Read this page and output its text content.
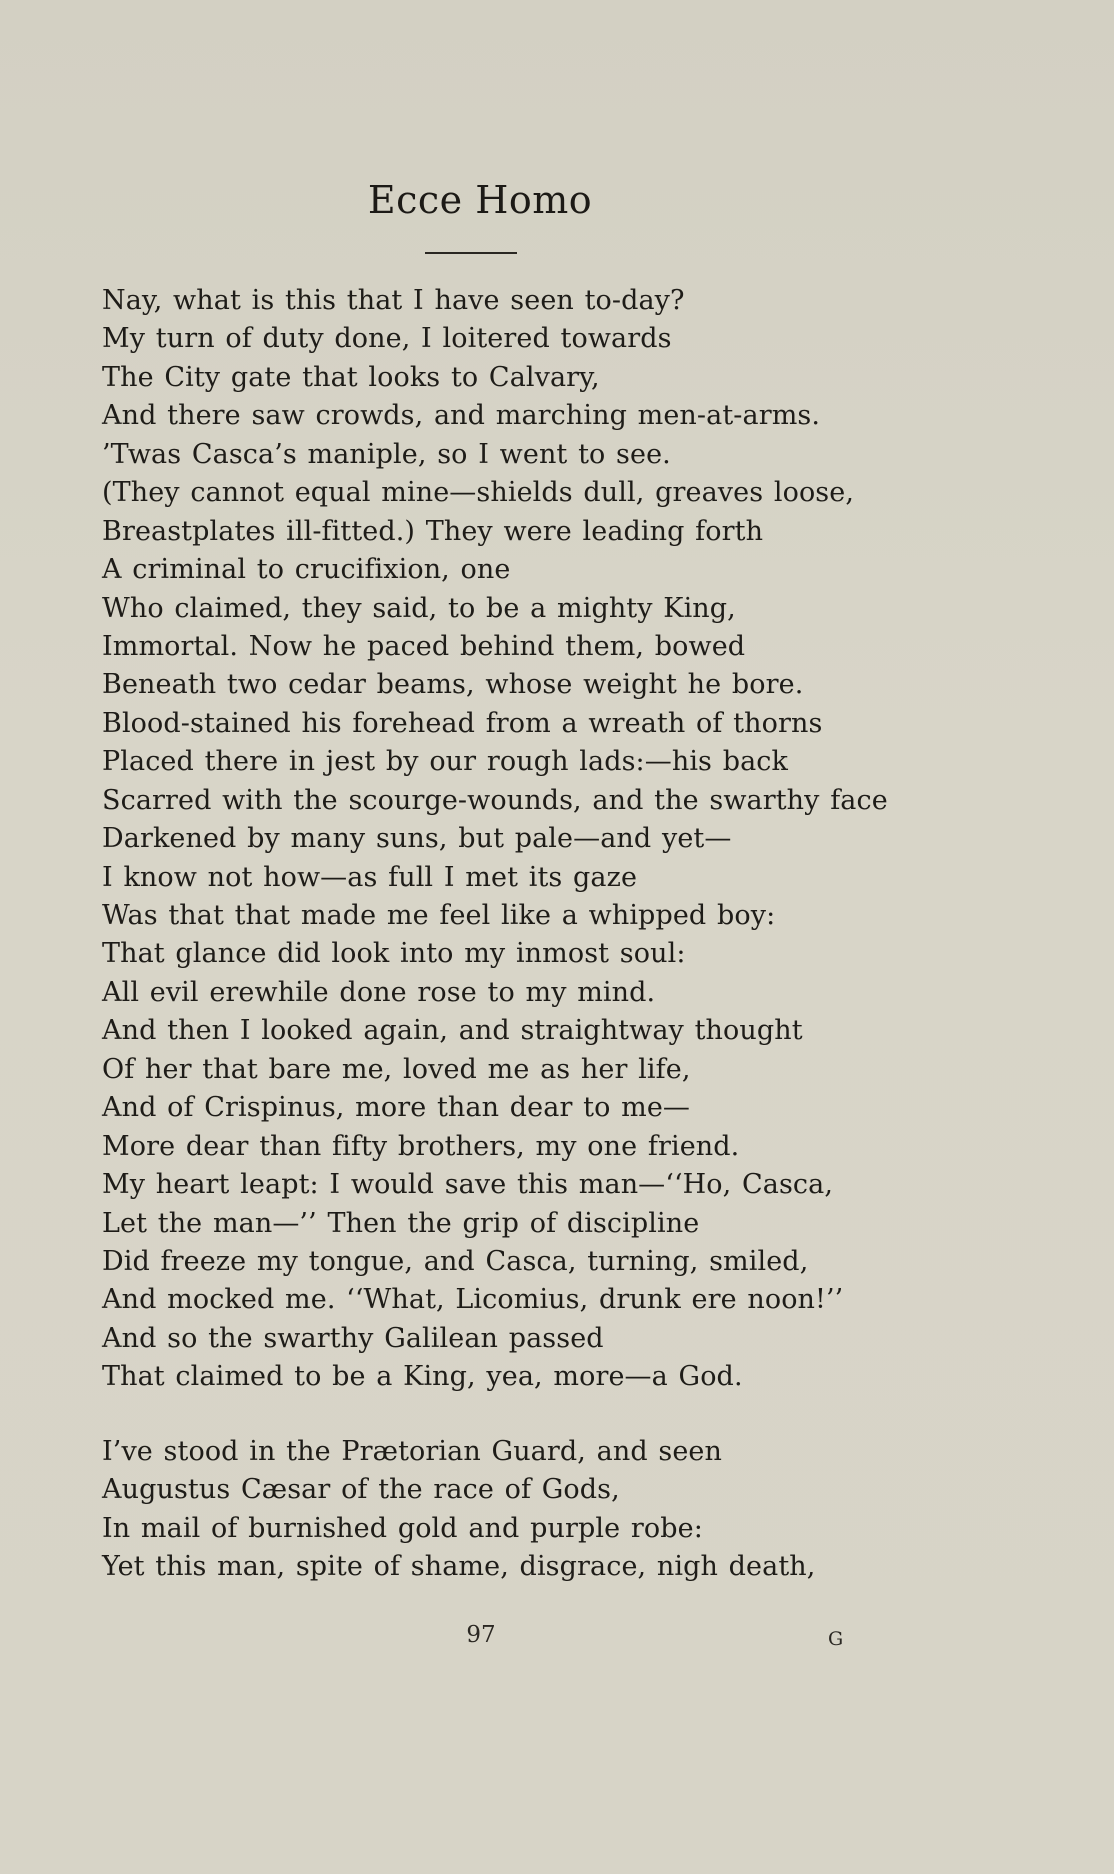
Ecce Homo
Nay, what is this that I have seen to-day?
My turn of duty done, I loitered towards
The City gate that looks to Calvary,
And there saw crowds, and marching men-at-arms.
’Twas Casca’s maniple, so I went to see.
(They cannot equal mine—shields dull, greaves loose,
Breastplates ill-fitted.) They were leading forth
A criminal to crucifixion, one
Who claimed, they said, to be a mighty King,
Immortal. Now he paced behind them, bowed
Beneath two cedar beams, whose weight he bore.
Blood-stained his forehead from a wreath of thorns
Placed there in jest by our rough lads:—his back
Scarred with the scourge-wounds, and the swarthy face
Darkened by many suns, but pale—and yet—
I know not how—as full I met its gaze
Was that that made me feel like a whipped boy:
That glance did look into my inmost soul:
All evil erewhile done rose to my mind.
And then I looked again, and straightway thought
Of her that bare me, loved me as her life,
And of Crispinus, more than dear to me—
More dear than fifty brothers, my one friend.
My heart leapt: I would save this man—‘‘Ho, Casca,
Let the man—’’ Then the grip of discipline
Did freeze my tongue, and Casca, turning, smiled,
And mocked me. ‘‘What, Licomius, drunk ere noon!’’
And so the swarthy Galilean passed
That claimed to be a King, yea, more—a God.
I’ve stood in the Prætorian Guard, and seen
Augustus Cæsar of the race of Gods,
In mail of burnished gold and purple robe:
Yet this man, spite of shame, disgrace, nigh death,
97	G
